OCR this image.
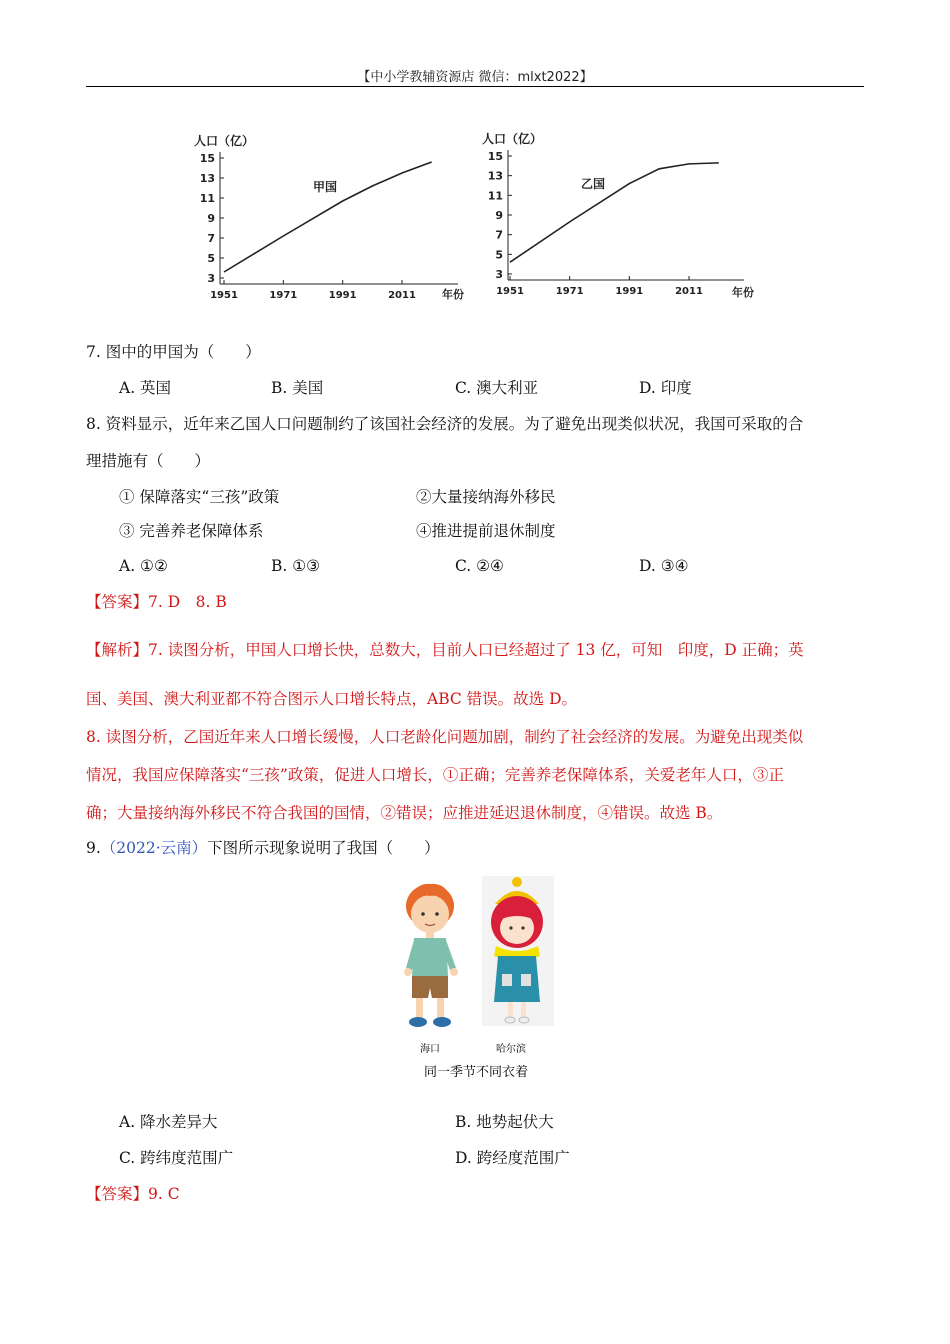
【中小学教辅资源店 微信：mlxt2022】
人口（亿）
年份
甲国
15
13
11
9
7
5
3
1951	1971	1991	2011
人口（亿）
年份
乙国
15
13
11
9
7
5
3
1951	1971	1991	2011
7. 图中的甲国为（　　）
A. 英国	B. 美国	C. 澳大利亚	D. 印度
8. 资料显示，近年来乙国人口问题制约了该国社会经济的发展。为了避免出现类似状况，我国可采取的合
理措施有（　　）
① 保障落实“三孩”政策	②大量接纳海外移民
③ 完善养老保障体系	④推进提前退休制度
A. ①②	B. ①③	C. ②④	D. ③④
【答案】7. D　8. B
【解析】7. 读图分析，甲国人口增长快，总数大，目前人口已经超过了 13 亿，可知　印度，D 正确；英
国、美国、澳大利亚都不符合图示人口增长特点，ABC 错误。故选 D。
8. 读图分析，乙国近年来人口增长缓慢，人口老龄化问题加剧，制约了社会经济的发展。为避免出现类似
情况，我国应保障落实“三孩”政策，促进人口增长，①正确；完善养老保障体系，关爱老年人口，③正
确；大量接纳海外移民不符合我国的国情，②错误；应推进延迟退休制度，④错误。故选 B。
9.（2022·云南）下图所示现象说明了我国（　　）
海口	哈尔滨
同一季节不同衣着
A. 降水差异大	B. 地势起伏大
C. 跨纬度范围广	D. 跨经度范围广
【答案】9. C
